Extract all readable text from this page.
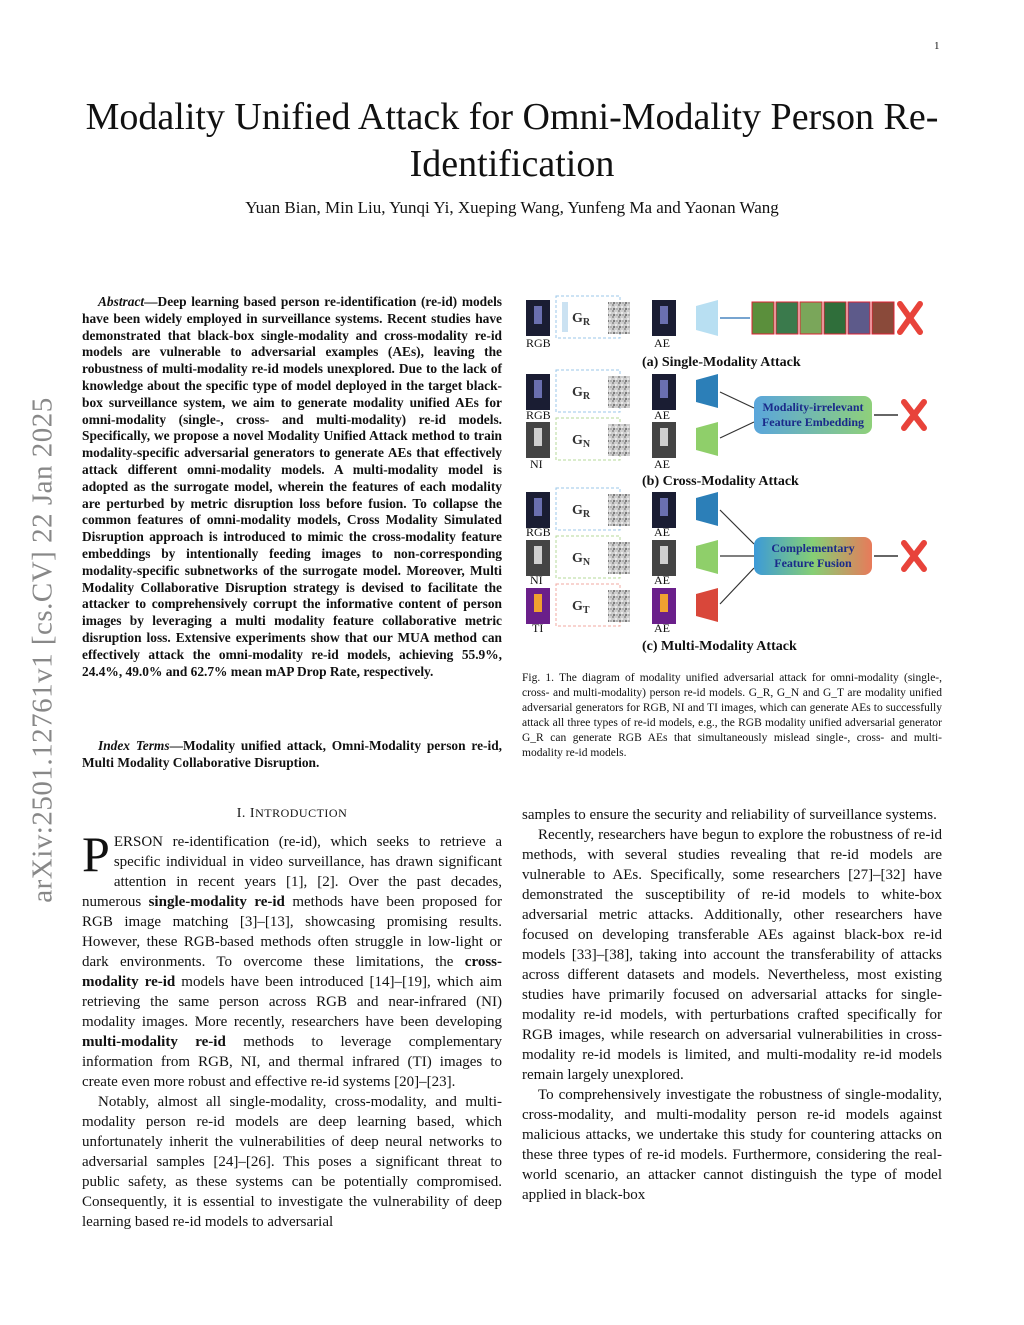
1
Modality Unified Attack for Omni-Modality Person Re-Identification
Yuan Bian, Min Liu, Yunqi Yi, Xueping Wang, Yunfeng Ma and Yaonan Wang
arXiv:2501.12761v1 [cs.CV] 22 Jan 2025

Abstract—Deep learning based person re-identification (re-id) models have been widely employed in surveillance systems. Recent studies have demonstrated that black-box single-modality and cross-modality re-id models are vulnerable to adversarial examples (AEs), leaving the robustness of multi-modality re-id models unexplored. Due to the lack of knowledge about the specific type of model deployed in the target black-box surveillance system, we aim to generate modality unified AEs for omni-modality (single-, cross- and multi-modality) re-id models. Specifically, we propose a novel Modality Unified Attack method to train modality-specific adversarial generators to generate AEs that effectively attack different omni-modality models. A multi-modality model is adopted as the surrogate model, wherein the features of each modality are perturbed by metric disruption loss before fusion. To collapse the common features of omni-modality models, Cross Modality Simulated Disruption approach is introduced to mimic the cross-modality feature embeddings by intentionally feeding images to non-corresponding modality-specific subnetworks of the surrogate model. Moreover, Multi Modality Collaborative Disruption strategy is devised to facilitate the attacker to comprehensively corrupt the informative content of person images by leveraging a multi modality feature collaborative metric disruption loss. Extensive experiments show that our MUA method can effectively attack the omni-modality re-id models, achieving 55.9%, 24.4%, 49.0% and 62.7% mean mAP Drop Rate, respectively.

Index Terms—Modality unified attack, Omni-Modality person re-id, Multi Modality Collaborative Disruption.

RGB
$G_R$
AE
(a) Single-Modality Attack
RGB
$G_R$
AE
NI
$G_N$
AE
Modality-irrelevant
Feature Embedding
(b) Cross-Modality Attack
RGB
$G_R$
AE
NI
$G_N$
AE
TI
$G_T$
AE
Complementary
Feature Fusion
(c) Multi-Modality Attack
Fig. 1. The diagram of modality unified adversarial attack for omni-modality (single-, cross- and multi-modality) person re-id models. G_R, G_N and G_T are modality unified adversarial generators for RGB, NI and TI images, which can generate AEs to successfully attack all three types of re-id models, e.g., the RGB modality unified adversarial generator G_R can generate RGB AEs that simultaneously mislead single-, cross- and multi-modality re-id models.
I. INTRODUCTION

PERSON re-identification (re-id), which seeks to retrieve a specific individual in video surveillance, has drawn significant attention in recent years [1], [2]. Over the past decades, numerous single-modality re-id methods have been proposed for RGB image matching [3]–[13], showcasing promising results. However, these RGB-based methods often struggle in low-light or dark environments. To overcome these limitations, the cross-modality re-id models have been introduced [14]–[19], which aim retrieving the same person across RGB and near-infrared (NI) modality images. More recently, researchers have been developing multi-modality re-id methods to leverage complementary information from RGB, NI, and thermal infrared (TI) images to create even more robust and effective re-id systems [20]–[23].

Notably, almost all single-modality, cross-modality, and multi-modality person re-id models are deep learning based, which unfortunately inherit the vulnerabilities of deep neural networks to adversarial samples [24]–[26]. This poses a significant threat to public safety, as these systems can be potentially compromised. Consequently, it is essential to investigate the vulnerability of deep learning based re-id models to adversarial

samples to ensure the security and reliability of surveillance systems.

Recently, researchers have begun to explore the robustness of re-id methods, with several studies revealing that re-id models are vulnerable to AEs. Specifically, some researchers [27]–[32] have demonstrated the susceptibility of re-id models to white-box adversarial metric attacks. Additionally, other researchers have focused on developing transferable AEs against black-box re-id models [33]–[38], taking into account the transferability of attacks across different datasets and models. Nevertheless, most existing studies have primarily focused on adversarial attacks for single-modality re-id models, with perturbations crafted specifically for RGB images, while research on adversarial vulnerabilities in cross-modality re-id models is limited, and multi-modality re-id models remain largely unexplored.

To comprehensively investigate the robustness of single-modality, cross-modality, and multi-modality person re-id models against malicious attacks, we undertake this study for countering attacks on these three types of re-id models. Furthermore, considering the real-world scenario, an attacker cannot distinguish the type of model applied in black-box
